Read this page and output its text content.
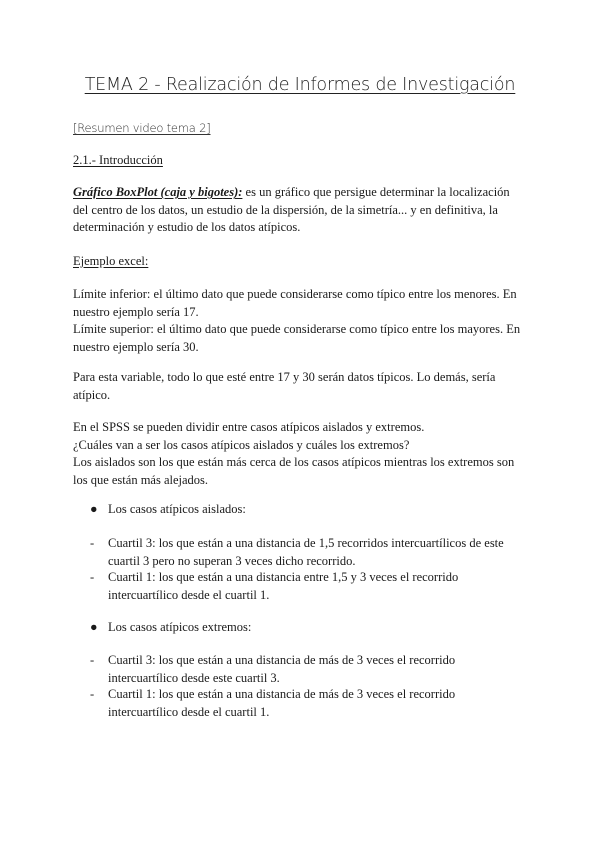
TEMA 2 - Realización de Informes de Investigación
[Resumen video tema 2]
2.1.- Introducción
Gráfico BoxPlot (caja y bigotes): es un gráfico que persigue determinar la localización
del centro de los datos, un estudio de la dispersión, de la simetría... y en definitiva, la
determinación y estudio de los datos atípicos.
Ejemplo excel:
Límite inferior: el último dato que puede considerarse como típico entre los menores. En
nuestro ejemplo sería 17.
Límite superior: el último dato que puede considerarse como típico entre los mayores. En
nuestro ejemplo sería 30.
Para esta variable, todo lo que esté entre 17 y 30 serán datos típicos. Lo demás, sería
atípico.
En el SPSS se pueden dividir entre casos atípicos aislados y extremos.
¿Cuáles van a ser los casos atípicos aislados y cuáles los extremos?
Los aislados son los que están más cerca de los casos atípicos mientras los extremos son
los que están más alejados.
● Los casos atípicos aislados:
- Cuartil 3: los que están a una distancia de 1,5 recorridos intercuartílicos de este
cuartil 3 pero no superan 3 veces dicho recorrido.
- Cuartil 1: los que están a una distancia entre 1,5 y 3 veces el recorrido
intercuartílico desde el cuartil 1.
● Los casos atípicos extremos:
- Cuartil 3: los que están a una distancia de más de 3 veces el recorrido
intercuartílico desde este cuartil 3.
- Cuartil 1: los que están a una distancia de más de 3 veces el recorrido
intercuartílico desde el cuartil 1.
